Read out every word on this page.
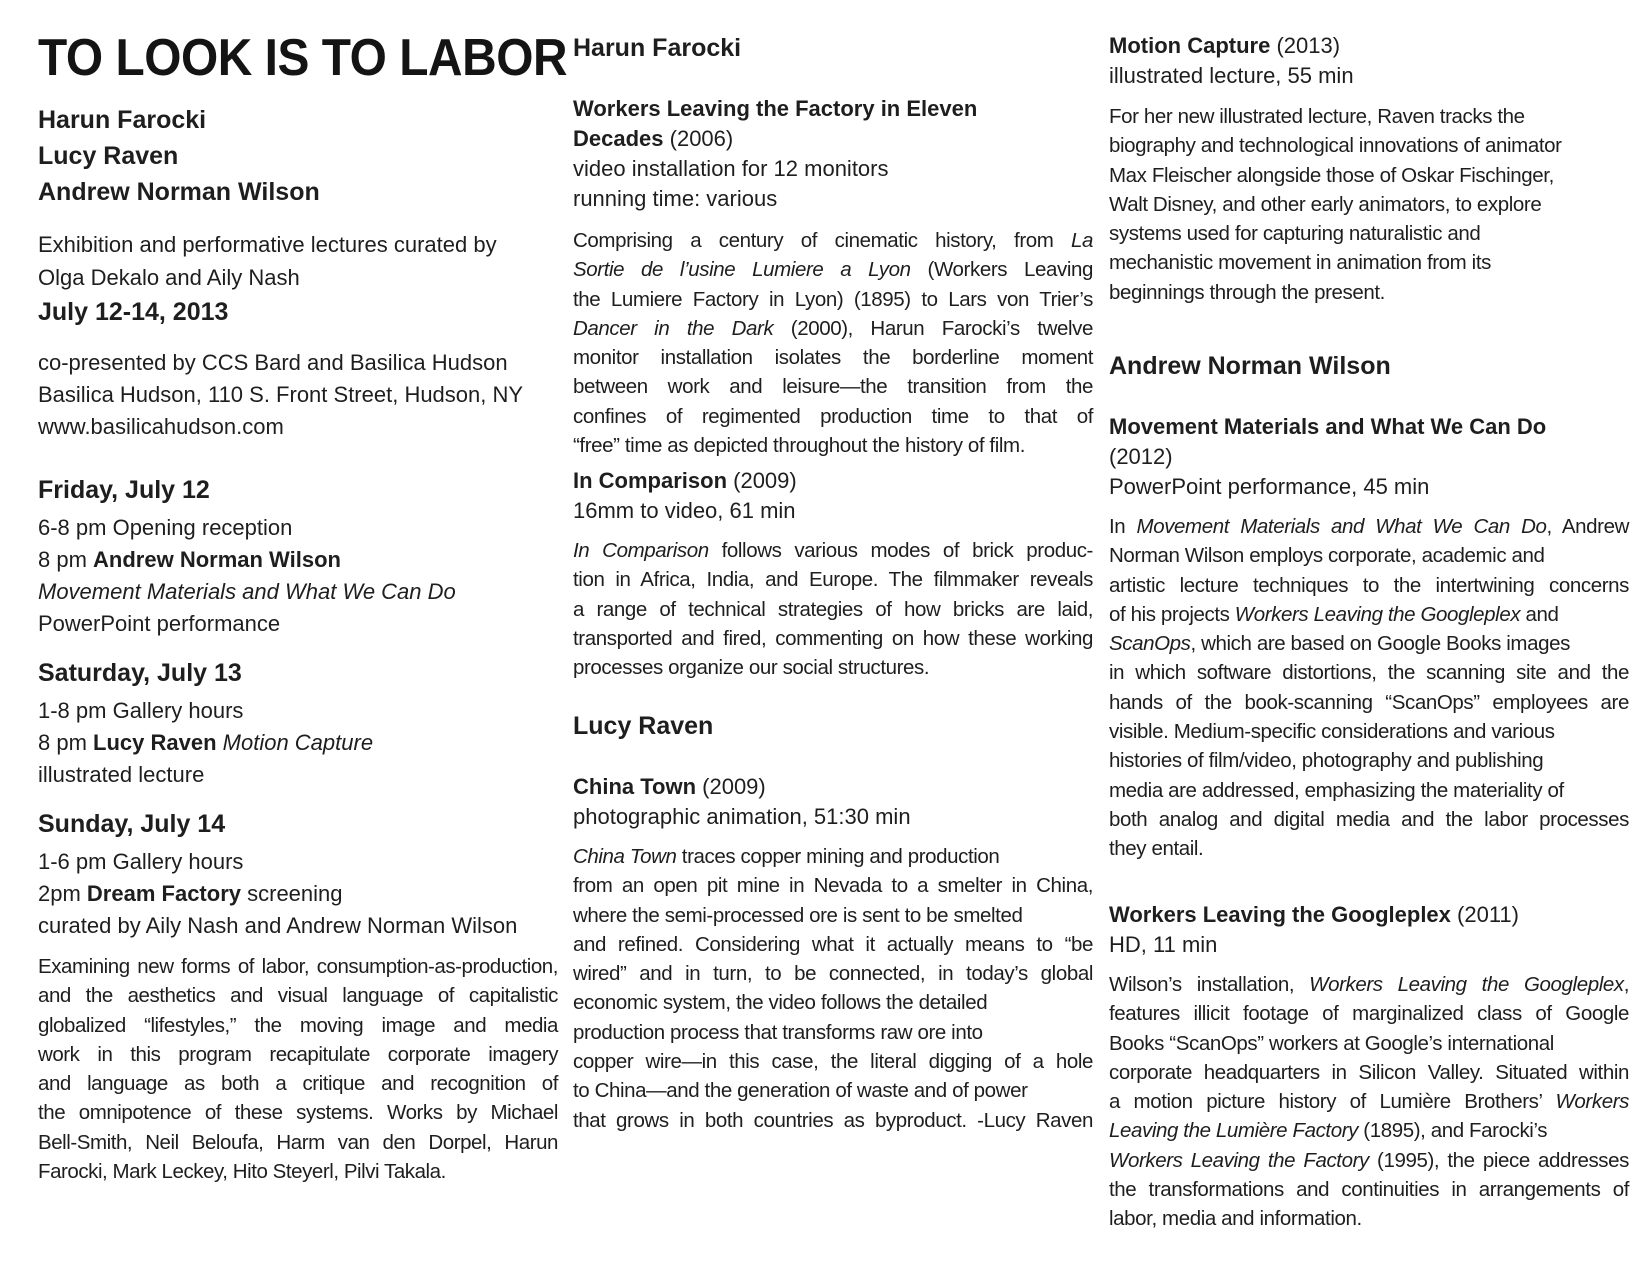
TO LOOK IS TO LABOR
Harun Farocki
Lucy Raven
Andrew Norman Wilson
Exhibition and performative lectures curated by
Olga Dekalo and Aily Nash
July 12-14, 2013
co-presented by CCS Bard and Basilica Hudson
Basilica Hudson, 110 S. Front Street, Hudson, NY
www.basilicahudson.com
Friday, July 12
6-8 pm Opening reception
8 pm Andrew Norman Wilson
Movement Materials and What We Can Do
PowerPoint performance
Saturday, July 13
1-8 pm Gallery hours
8 pm Lucy Raven Motion Capture
illustrated lecture
Sunday, July 14
1-6 pm Gallery hours
2pm Dream Factory screening
curated by Aily Nash and Andrew Norman Wilson
Examining new forms of labor, consumption-as-production,
and the aesthetics and visual language of capitalistic
globalized “lifestyles,” the moving image and media
work in this program recapitulate corporate imagery
and language as both a critique and recognition of
the omnipotence of these systems. Works by Michael
Bell-Smith, Neil Beloufa, Harm van den Dorpel, Harun
Farocki, Mark Leckey, Hito Steyerl, Pilvi Takala.
Harun Farocki
Workers Leaving the Factory in Eleven
Decades (2006)
video installation for 12 monitors
running time: various
Comprising a century of cinematic history, from La
Sortie de l’usine Lumiere a Lyon (Workers Leaving
the Lumiere Factory in Lyon) (1895) to Lars von Trier’s
Dancer in the Dark (2000), Harun Farocki’s twelve
monitor installation isolates the borderline moment
between work and leisure—the transition from the
confines of regimented production time to that of
“free” time as depicted throughout the history of film.
In Comparison (2009)
16mm to video, 61 min
In Comparison follows various modes of brick produc-
tion in Africa, India, and Europe. The filmmaker reveals
a range of technical strategies of how bricks are laid,
transported and fired, commenting on how these working
processes organize our social structures.
Lucy Raven
China Town (2009)
photographic animation, 51:30 min
China Town traces copper mining and production
from an open pit mine in Nevada to a smelter in China,
where the semi-processed ore is sent to be smelted
and refined. Considering what it actually means to “be
wired” and in turn, to be connected, in today’s global
economic system, the video follows the detailed
production process that transforms raw ore into
copper wire—in this case, the literal digging of a hole
to China—and the generation of waste and of power
that grows in both countries as byproduct. -Lucy Raven
Motion Capture (2013)
illustrated lecture, 55 min
For her new illustrated lecture, Raven tracks the
biography and technological innovations of animator
Max Fleischer alongside those of Oskar Fischinger,
Walt Disney, and other early animators, to explore
systems used for capturing naturalistic and
mechanistic movement in animation from its
beginnings through the present.
Andrew Norman Wilson
Movement Materials and What We Can Do
(2012)
PowerPoint performance, 45 min
In Movement Materials and What We Can Do, Andrew
Norman Wilson employs corporate, academic and
artistic lecture techniques to the intertwining concerns
of his projects Workers Leaving the Googleplex and
ScanOps, which are based on Google Books images
in which software distortions, the scanning site and the
hands of the book-scanning “ScanOps” employees are
visible. Medium-specific considerations and various
histories of film/video, photography and publishing
media are addressed, emphasizing the materiality of
both analog and digital media and the labor processes
they entail.
Workers Leaving the Googleplex (2011)
HD, 11 min
Wilson’s installation, Workers Leaving the Googleplex,
features illicit footage of marginalized class of Google
Books “ScanOps” workers at Google’s international
corporate headquarters in Silicon Valley. Situated within
a motion picture history of Lumière Brothers’ Workers
Leaving the Lumière Factory (1895), and Farocki’s
Workers Leaving the Factory (1995), the piece addresses
the transformations and continuities in arrangements of
labor, media and information.
